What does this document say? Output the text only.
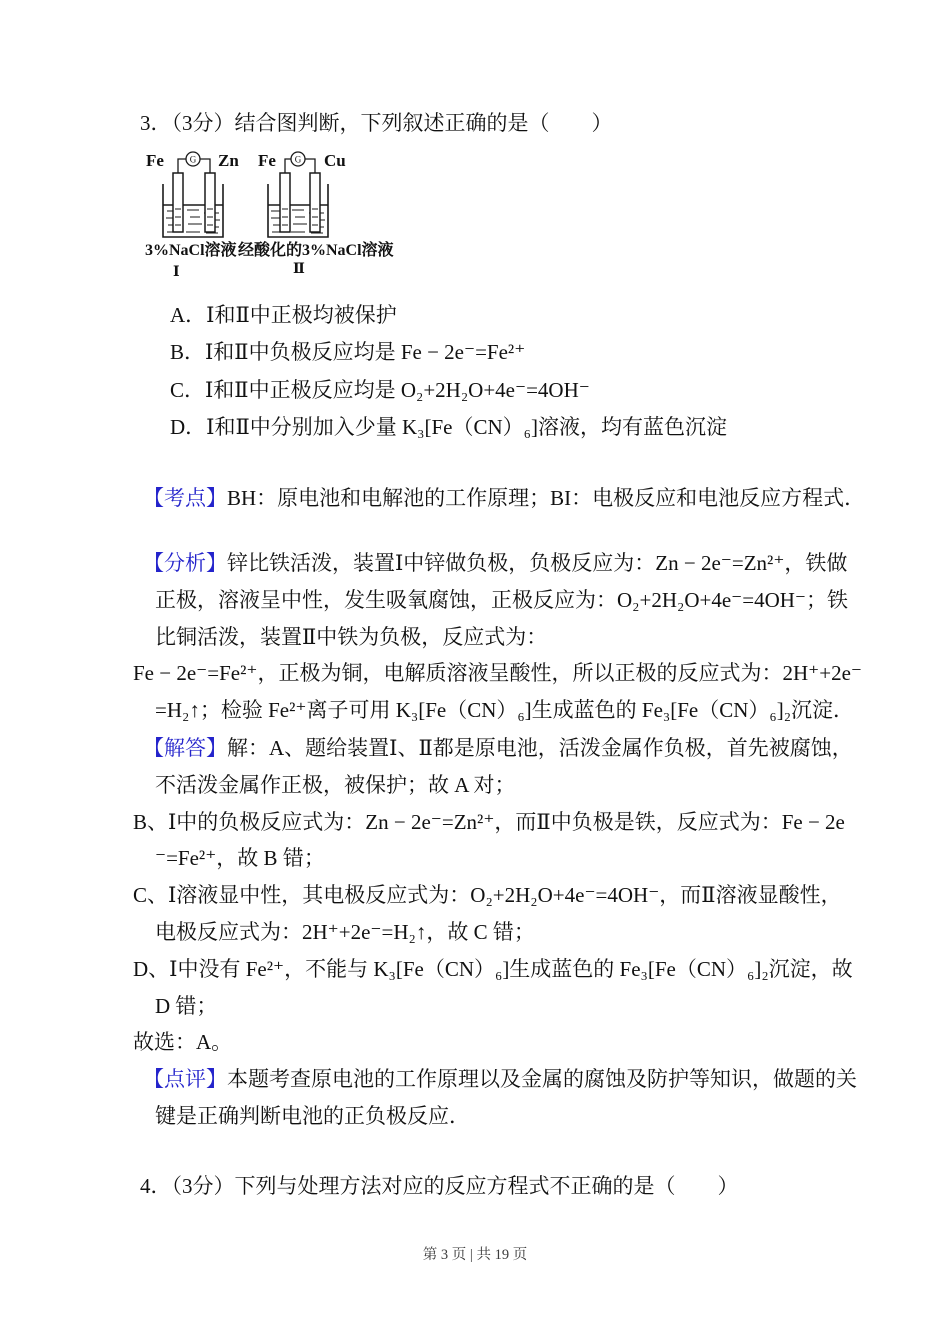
3．（3分）结合图判断，下列叙述正确的是（　　）
Fe	G Zn
3%NaCl溶液
Ⅰ
Fe G Cu
经酸化的3%NaCl溶液
Ⅱ
A．Ⅰ和Ⅱ中正极均被保护
B．Ⅰ和Ⅱ中负极反应均是 Fe − 2e⁻=Fe²⁺
C．Ⅰ和Ⅱ中正极反应均是 O₂+2H₂O+4e⁻=4OH⁻
D．Ⅰ和Ⅱ中分别加入少量 K₃[Fe（CN）₆]溶液，均有蓝色沉淀
【考点】BH：原电池和电解池的工作原理；BI：电极反应和电池反应方程式．
【分析】锌比铁活泼，装置Ⅰ中锌做负极，负极反应为：Zn − 2e⁻=Zn²⁺，铁做
正极，溶液呈中性，发生吸氧腐蚀，正极反应为：O₂+2H₂O+4e⁻=4OH⁻；铁
比铜活泼，装置Ⅱ中铁为负极，反应式为：
Fe − 2e⁻=Fe²⁺，正极为铜，电解质溶液呈酸性，所以正极的反应式为：2H⁺+2e⁻
=H₂↑；检验 Fe²⁺离子可用 K₃[Fe（CN）₆]生成蓝色的 Fe₃[Fe（CN）₆]₂沉淀．
【解答】解：A、题给装置Ⅰ、Ⅱ都是原电池，活泼金属作负极，首先被腐蚀，
不活泼金属作正极，被保护；故 A 对；
B、Ⅰ中的负极反应式为：Zn − 2e⁻=Zn²⁺，而Ⅱ中负极是铁，反应式为：Fe − 2e
⁻=Fe²⁺，故 B 错；
C、Ⅰ溶液显中性，其电极反应式为：O₂+2H₂O+4e⁻=4OH⁻，而Ⅱ溶液显酸性，
电极反应式为：2H⁺+2e⁻=H₂↑，故 C 错；
D、Ⅰ中没有 Fe²⁺，不能与 K₃[Fe（CN）₆]生成蓝色的 Fe₃[Fe（CN）₆]₂沉淀，故
D 错；
故选：A。
【点评】本题考查原电池的工作原理以及金属的腐蚀及防护等知识，做题的关
键是正确判断电池的正负极反应．
4．（3分）下列与处理方法对应的反应方程式不正确的是（　　）
第 3 页 | 共 19 页
